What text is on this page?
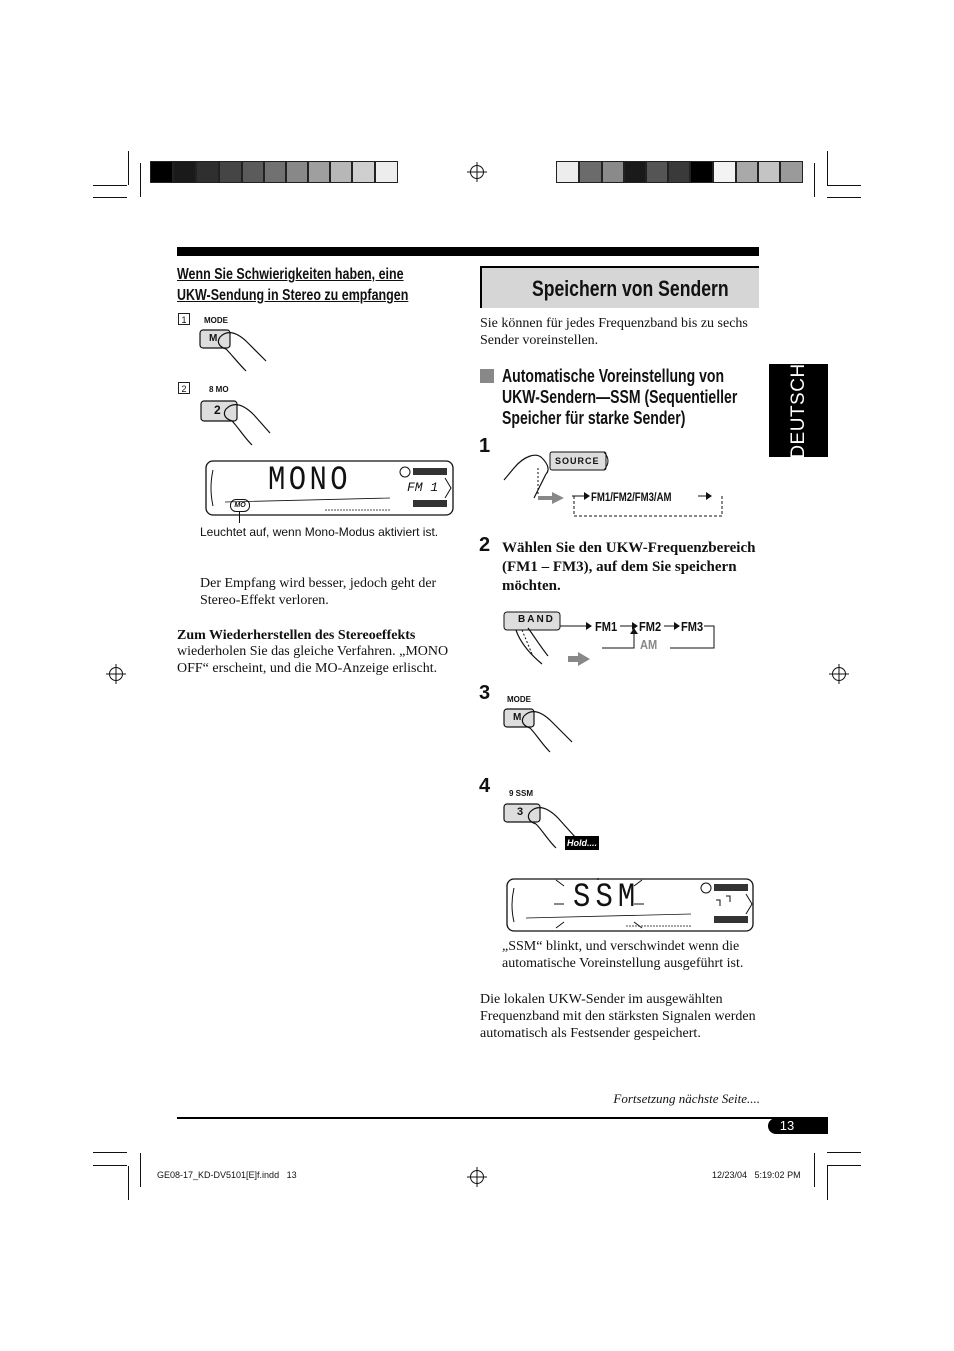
DEUTSCH
Wenn Sie Schwierigkeiten haben, eine
UKW-Sendung in Stereo zu empfangen
1	MODE
M
2	8 MO
2
MONO	FM 1
MO
Leuchtet auf, wenn Mono-Modus aktiviert ist.
Der Empfang wird besser, jedoch geht der Stereo-Effekt verloren.
Zum Wiederherstellen des Stereoeffekts
wiederholen Sie das gleiche Verfahren. „MONO OFF“ erscheint, und die MO-Anzeige erlischt.
Speichern von Sendern
Sie können für jedes Frequenzband bis zu sechs Sender voreinstellen.
Automatische Voreinstellung von
UKW-Sendern—SSM (Sequentieller
Speicher für starke Sender)
1
SOURCE
FM1/FM2/FM3/AM
2 Wählen Sie den UKW-Frequenzbereich (FM1 – FM3), auf dem Sie speichern möchten.
BAND	FM1 FM2 FM3
AM
3 MODE
M
4 9 SSM
3
Hold....
SSM
„SSM“ blinkt, und verschwindet wenn die automatische Voreinstellung ausgeführt ist.
Die lokalen UKW-Sender im ausgewählten Frequenzband mit den stärksten Signalen werden automatisch als Festsender gespeichert.
Fortsetzung nächste Seite....
13
GE08-17_KD-DV5101[E]f.indd   13	12/23/04   5:19:02 PM
